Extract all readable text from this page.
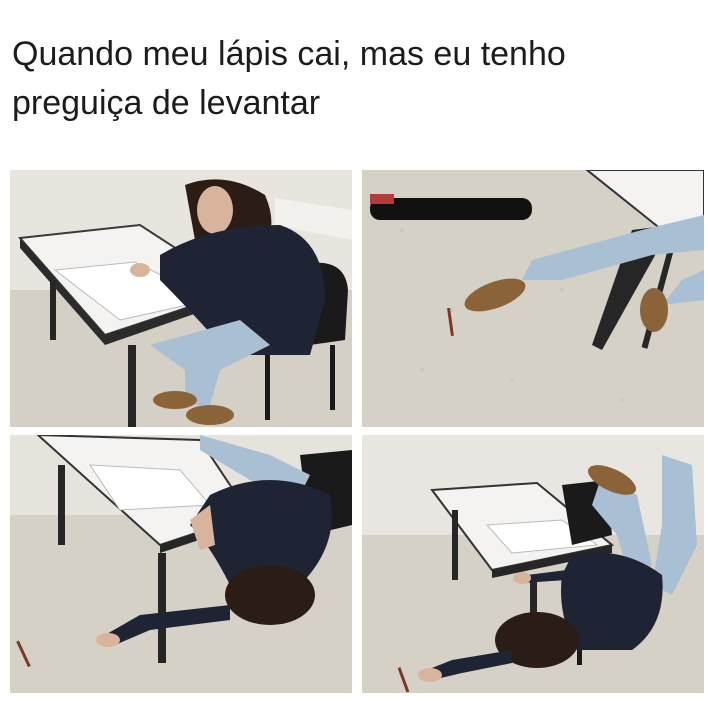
Quando meu lápis cai, mas eu tenho
preguiça de levantar
